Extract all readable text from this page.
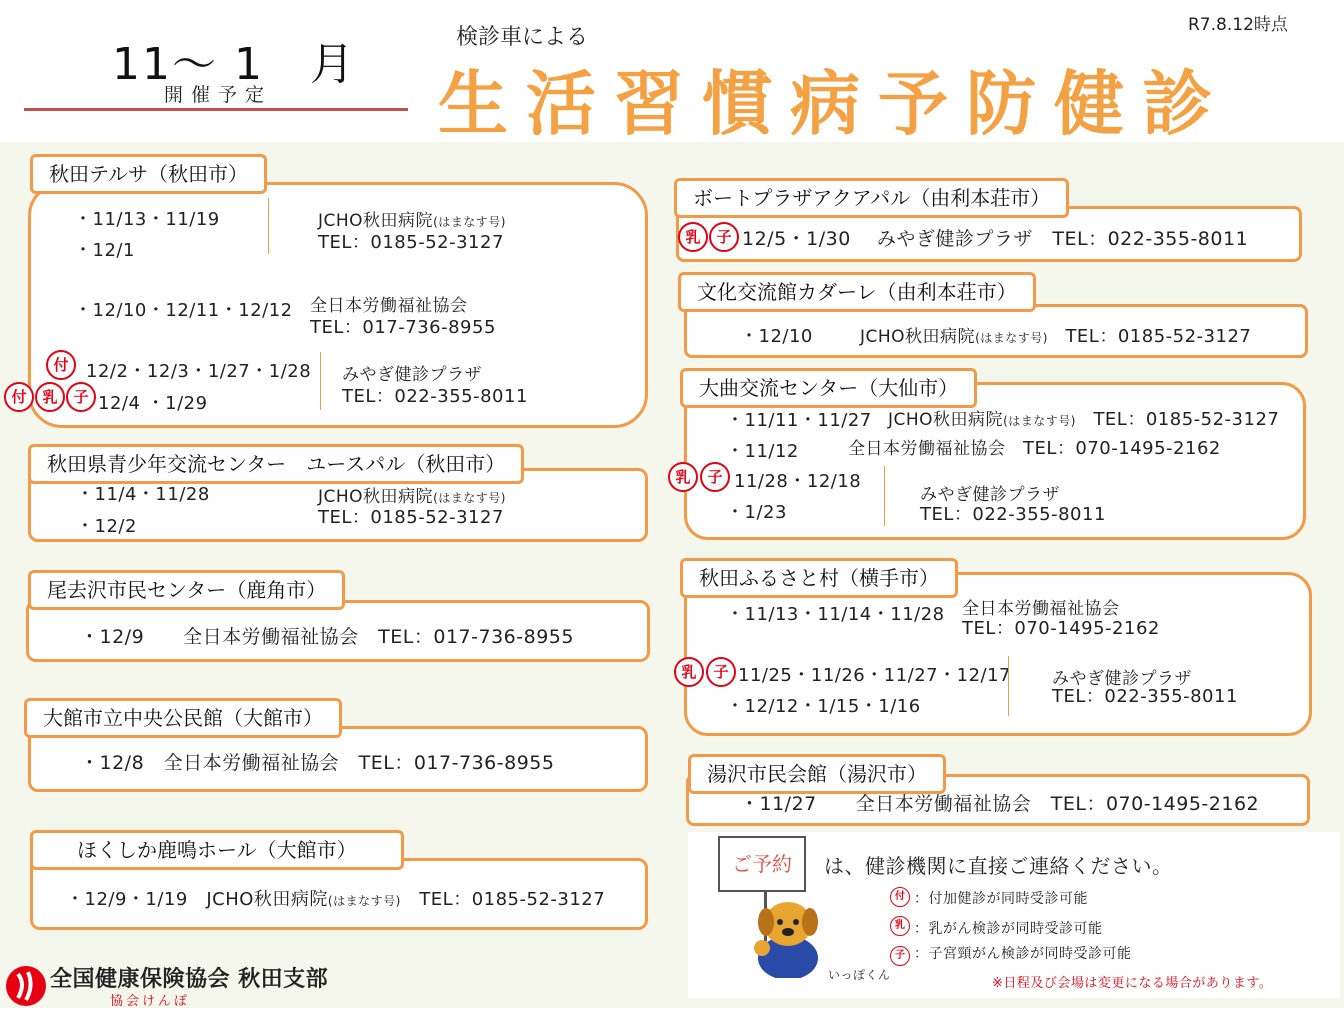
11～ 1　月
開催予定
検診車による
生活習慣病予防健診
R7.8.12時点
秋田テルサ（秋田市）
・11/13・11/19
・12/1
JCHO秋田病院(はまなす号)
TEL：0185-52-3127
・12/10・12/11・12/12 全日本労働福祉協会
TEL：017-736-8955
付 12/2・12/3・1/27・1/28
付	乳	子 12/4 ・1/29
みやぎ健診プラザ
TEL：022-355-8011
秋田県青少年交流センター　ユースパル（秋田市）
・11/4・11/28
・12/2
JCHO秋田病院(はまなす号)
TEL：0185-52-3127
尾去沢市民センター（鹿角市）
・12/9　　全日本労働福祉協会　TEL：017-736-8955
大館市立中央公民館（大館市）
・12/8　全日本労働福祉協会　TEL：017-736-8955
ほくしか鹿鳴ホール（大館市）
・12/9・1/19　JCHO秋田病院(はまなす号)　 TEL：0185-52-3127
ボートプラザアクアパル（由利本荘市）
乳	子 12/5・1/30　 みやぎ健診プラザ　TEL：022-355-8011
文化交流館カダーレ（由利本荘市）
・12/10	JCHO秋田病院(はまなす号)　 TEL：0185-52-3127
大曲交流センター（大仙市）
・11/11・11/27 JCHO秋田病院(はまなす号)　 TEL：0185-52-3127
・11/12	全日本労働福祉協会　 TEL：070-1495-2162
乳	子 11/28・12/18
・1/23
みやぎ健診プラザ
TEL：022-355-8011
秋田ふるさと村（横手市）
・11/13・11/14・11/28 全日本労働福祉協会
TEL：070-1495-2162
乳	子 11/25・11/26・11/27・12/17
・12/12・1/15・1/16
みやぎ健診プラザ
TEL：022-355-8011
湯沢市民会館（湯沢市）
・11/27　　全日本労働福祉協会　TEL：070-1495-2162
ご予約	は、健診機関に直接ご連絡ください。
付 ：付加健診が同時受診可能
乳 ：乳がん検診が同時受診可能
子 ：子宮頸がん検診が同時受診可能
いっぽくん
※日程及び会場は変更になる場合があります。
全国健康保険協会 秋田支部
協会けんぽ
